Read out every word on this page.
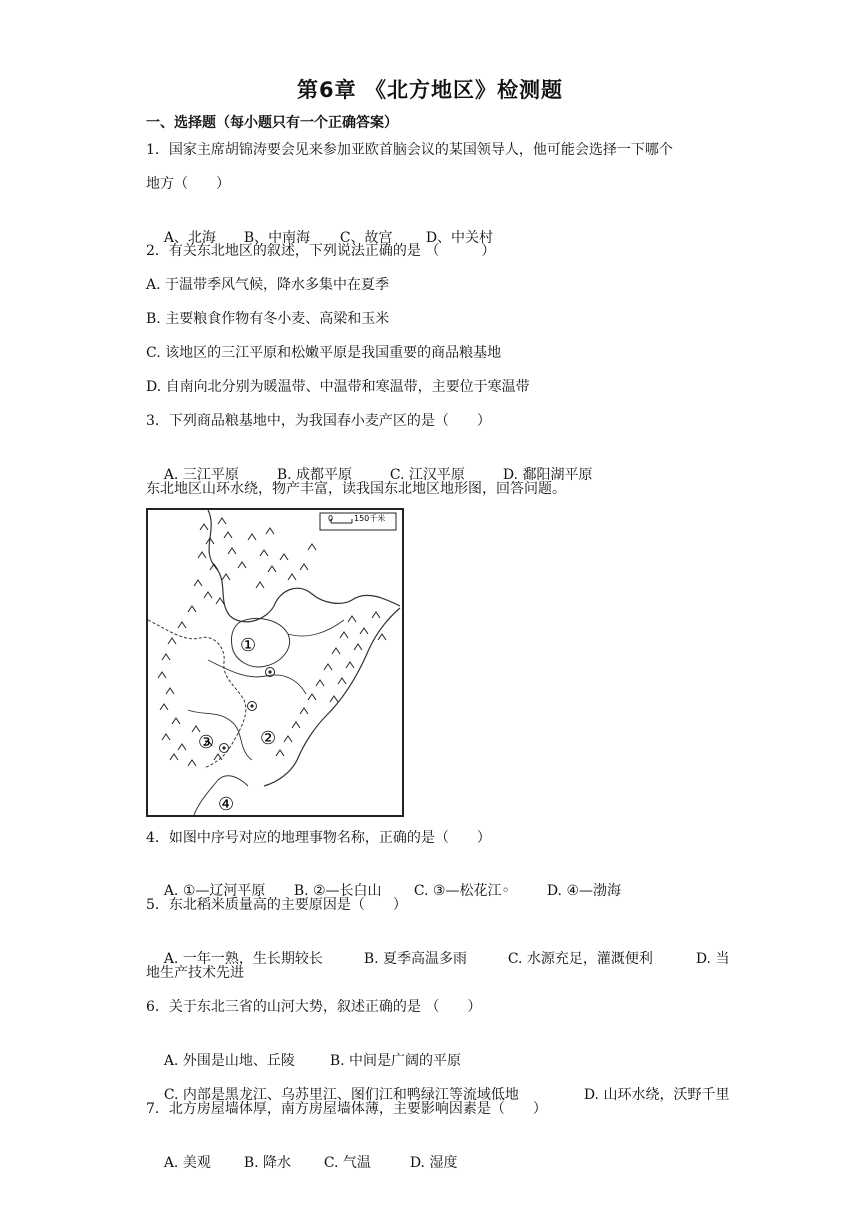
第6章 《北方地区》检测题
一、选择题（每小题只有一个正确答案）
1．国家主席胡锦涛要会见来参加亚欧首脑会议的某国领导人，他可能会选择一下哪个
地方（　　）

A、北海 B、中南海 C、故宫 D、中关村

2．有关东北地区的叙述，下列说法正确的是 （　　　）
A. 于温带季风气候，降水多集中在夏季
B. 主要粮食作物有冬小麦、高梁和玉米
C. 该地区的三江平原和松嫩平原是我国重要的商品粮基地
D. 自南向北分别为暖温带、中温带和寒温带，主要位于寒温带
3．下列商品粮基地中，为我国春小麦产区的是（　　）

A. 三江平原	B. 成都平原	C. 江汉平原	D. 鄱阳湖平原

东北地区山环水绕，物产丰富，读我国东北地区地形图，回答问题。
0	150千米
①
②
③
④
4．如图中序号对应的地理事物名称，正确的是（　　）

A. ①—辽河平原 B. ②—长白山 C. ③—松花江◦	D. ④—渤海

5．东北稻米质量高的主要原因是（　　）

A. 一年一熟，生长期较长	B. 夏季高温多雨	C. 水源充足，灌溉便利	D. 当

地生产技术先进
6．关于东北三省的山河大势，叙述正确的是 （　　）

A. 外围是山地、丘陵 B. 中间是广阔的平原

C. 内部是黑龙江、乌苏里江、图们江和鸭绿江等流域低地	D. 山环水绕，沃野千里

7．北方房屋墙体厚，南方房屋墙体薄，主要影响因素是（　　）

A. 美观 B. 降水 C. 气温	D. 湿度
